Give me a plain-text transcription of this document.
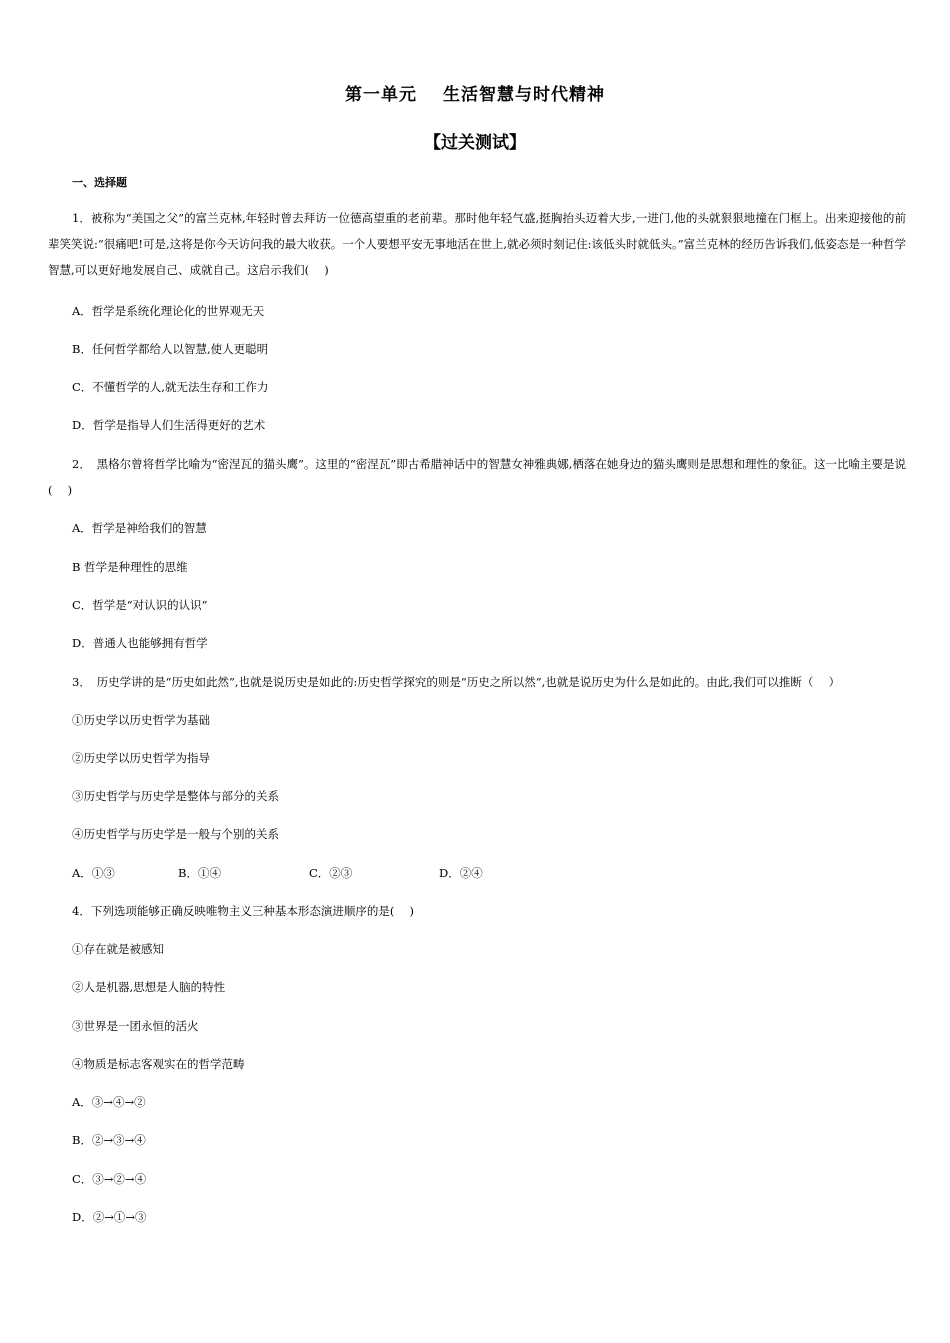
第一单元 生活智慧与时代精神
【过关测试】
一、选择题
1．被称为“美国之父”的富兰克林,年轻时曾去拜访一位德高望重的老前辈。那时他年轻气盛,挺胸抬头迈着大步,一进门,他的头就狠狠地撞在门框上。出来迎接他的前辈笑笑说:“很痛吧!可是,这将是你今天访问我的最大收获。一个人要想平安无事地活在世上,就必须时刻记住:该低头时就低头。”富兰克林的经历告诉我们,低姿态是一种哲学智慧,可以更好地发展自己、成就自己。这启示我们(　 )
A．哲学是系统化理论化的世界观无天
B．任何哲学都给人以智慧,使人更聪明
C．不懂哲学的人,就无法生存和工作力
D．哲学是指导人们生活得更好的艺术
2．　黑格尔曾将哲学比喻为“密涅瓦的猫头鹰”。这里的“密涅瓦”即古希腊神话中的智慧女神雅典娜,栖落在她身边的猫头鹰则是思想和理性的象征。这一比喻主要是说(　 )
A．哲学是神给我们的智慧
B 哲学是种理性的思维
C．哲学是“对认识的认识”
D．普通人也能够拥有哲学
3．　历史学讲的是“历史如此然”,也就是说历史是如此的:历史哲学探究的则是“历史之所以然”,也就是说历史为什么是如此的。由此,我们可以推断（　 ）
①历史学以历史哲学为基础
②历史学以历史哲学为指导
③历史哲学与历史学是整体与部分的关系
④历史哲学与历史学是一般与个别的关系
A．①③	B．①④	C．②③	D．②④
4．下列选项能够正确反映唯物主义三种基本形态演进顺序的是(　 )
①存在就是被感知
②人是机器,思想是人脑的特性
③世界是一团永恒的活火
④物质是标志客观实在的哲学范畴
A．③→④→②
B．②→③→④
C．③→②→④
D．②→①→③
